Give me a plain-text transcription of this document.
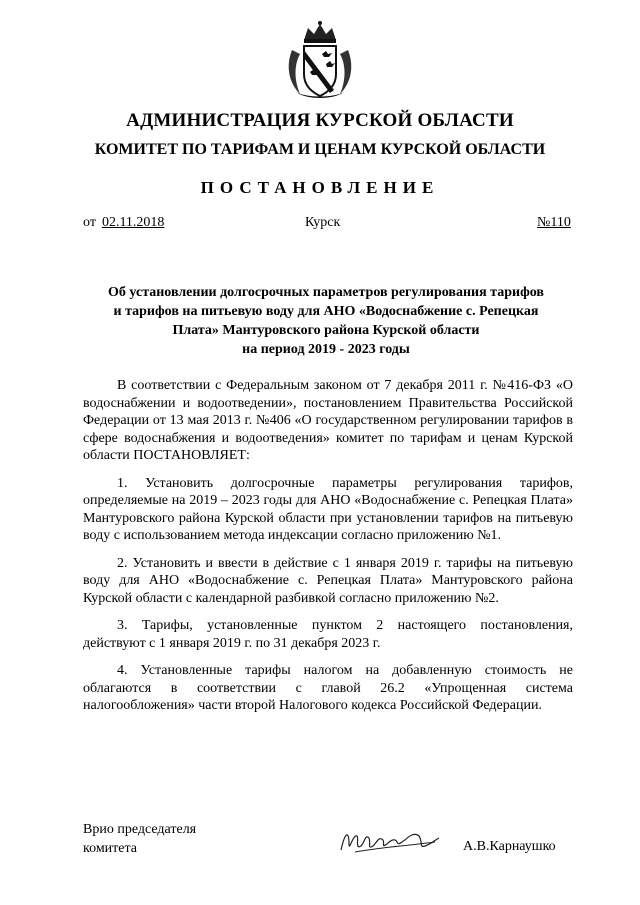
АДМИНИСТРАЦИЯ КУРСКОЙ ОБЛАСТИ
КОМИТЕТ ПО ТАРИФАМ И ЦЕНАМ КУРСКОЙ ОБЛАСТИ
ПОСТАНОВЛЕНИЕ
от 02.11.2018	Курск	№110
Об установлении долгосрочных параметров регулирования тарифов
и тарифов на питьевую воду для АНО «Водоснабжение с. Репецкая
Плата» Мантуровского района Курской области
на период 2019 - 2023 годы

В соответствии с Федеральным законом от 7 декабря 2011 г. №416-ФЗ «О водоснабжении и водоотведении», постановлением Правительства Российской Федерации от 13 мая 2013 г. №406 «О государственном регулировании тарифов в сфере водоснабжения и водоотведения» комитет по тарифам и ценам Курской области ПОСТАНОВЛЯЕТ:

1. Установить долгосрочные параметры регулирования тарифов, определяемые на 2019 – 2023 годы для АНО «Водоснабжение с. Репецкая Плата» Мантуровского района Курской области при установлении тарифов на питьевую воду с использованием метода индексации согласно приложению №1.

2. Установить и ввести в действие с 1 января 2019 г. тарифы на питьевую воду для АНО «Водоснабжение с. Репецкая Плата» Мантуровского района Курской области с календарной разбивкой согласно приложению №2.

3. Тарифы, установленные пунктом 2 настоящего постановления, действуют с 1 января 2019 г. по 31 декабря 2023 г.

4. Установленные тарифы налогом на добавленную стоимость не облагаются в соответствии с главой 26.2 «Упрощенная система налогообложения» части второй Налогового кодекса Российской Федерации.

Врио председателя
комитета	А.В.Карнаушко
